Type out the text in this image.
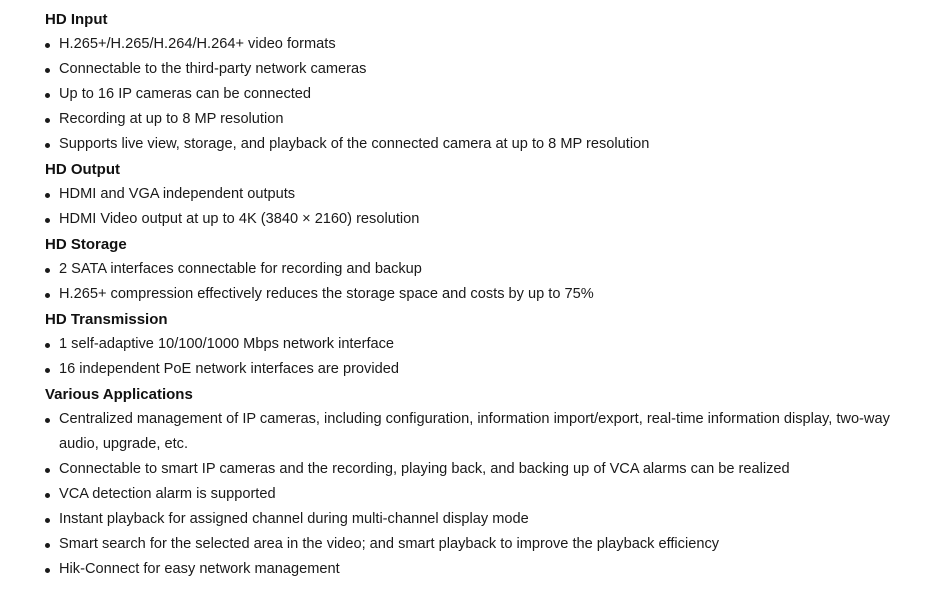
HD Input
H.265+/H.265/H.264/H.264+ video formats
Connectable to the third-party network cameras
Up to 16 IP cameras can be connected
Recording at up to 8 MP resolution
Supports live view, storage, and playback of the connected camera at up to 8 MP resolution
HD Output
HDMI and VGA independent outputs
HDMI Video output at up to 4K (3840 × 2160) resolution
HD Storage
2 SATA interfaces connectable for recording and backup
H.265+ compression effectively reduces the storage space and costs by up to 75%
HD Transmission
1 self-adaptive 10/100/1000 Mbps network interface
16 independent PoE network interfaces are provided
Various Applications
Centralized management of IP cameras, including configuration, information import/export, real-time information display, two-way audio, upgrade, etc.
Connectable to smart IP cameras and the recording, playing back, and backing up of VCA alarms can be realized
VCA detection alarm is supported
Instant playback for assigned channel during multi-channel display mode
Smart search for the selected area in the video; and smart playback to improve the playback efficiency
Hik-Connect for easy network management
